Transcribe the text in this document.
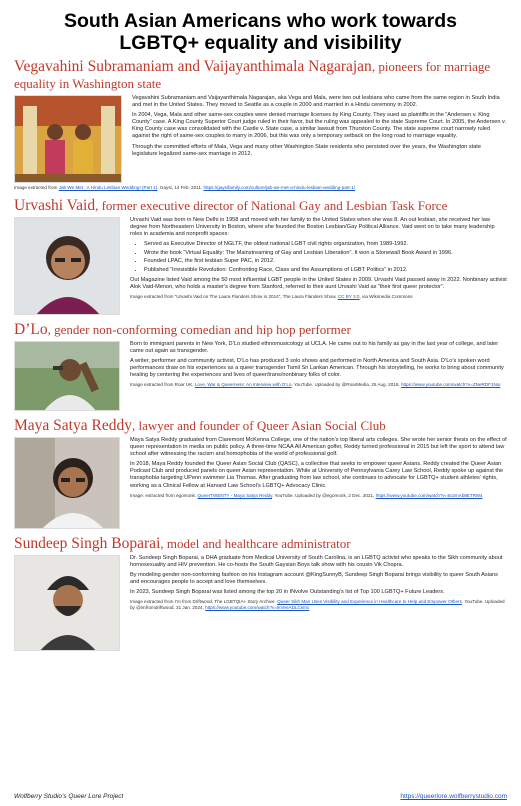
South Asian Americans who work towards
LGBTQ+ equality and visibility
Vegavahini Subramaniam and Vaijayanthimala Nagarajan, pioneers for marriage equality in Washington state

Vegavahini Subramaniam and Vaijayanthimala Nagarajan, aka Vega and Mala, were two out lesbians who came from the same region in South India and met in the United States. They moved to Seattle as a couple in 2000 and married in a Hindu ceremony in 2002.

In 2004, Vega, Mala and other same-sex couples were denied marriage licenses by King County. They sued as plaintiffs in the “Andersen v. King County” case. A King County Superior Court judge ruled in their favor, but the ruling was appealed to the state Supreme Court. In 2005, the Andersen v. King County case was consolidated with the Castle v. State case, a similar lawsuit from Thurston County. The state supreme court narrowly ruled against the right of same-sex couples to marry in 2006, but this was only a temporary setback on the long road to marriage equality.

Through the committed efforts of Mala, Vega and many other Washington State residents who persisted over the years, the Washington state legislature legalized same-sex marriage in 2012.

Image extracted from Jab We Met : A Hindu Lesbian Wedding! (Part 1). Gaysi, 14 Feb. 2011, https://gaysifamily.com/culture/jab-we-met-a-hindu-lesbian-wedding-part-1/
Urvashi Vaid, former executive director of National Gay and Lesbian Task Force

Urvashi Vaid was born in New Delhi in 1958 and moved with her family to the United States when she was 8. An out lesbian, she received her law degree from Northeastern University in Boston, where she founded the Boston Lesbian/Gay Political Alliance. Vaid went on to take many leadership roles in academia and nonprofit spaces:

• Served as Executive Director of NGLTF, the oldest national LGBT civil rights organization, from 1989-1992.
• Wrote the book “Virtual Equality: The Mainstreaming of Gay and Lesbian Liberation”. It won a Stonewall Book Award in 1996.
• Founded LPAC, the first lesbian Super PAC, in 2012.
• Published “Irresistible Revolution: Confronting Race, Class and the Assumptions of LGBT Politics” in 2012.

Out Magazine listed Vaid among the 50 most influential LGBT people in the United States in 2009. Urvashi Vaid passed away in 2022. Nonbinary activist Alok Vaid-Menon, who holds a master’s degree from Stanford, referred to their aunt Urvashi Vaid as “their first queer protector”.

Image extracted from “Urvashi Vaid on The Laura Flanders Show in 2014”, The Laura Flanders Show, CC BY 3.0, via Wikimedia Commons
D’Lo, gender non-conforming comedian and hip hop performer

Born to immigrant parents in New York, D’Lo studied ethnomusicology at UCLA. He came out to his family as gay in the last year of college, and later came out again as transgender.

A writer, performer and community activist, D’Lo has produced 3 solo shows and performed in North America and South Asia. D’Lo’s spoken word performances draw on his experiences as a queer transgender Tamil Sri Lankan American. Through his storytelling, he works to bring about community healing by centering the experiences and lives of queer/trans/nonbinary folks of color.

Image extracted from Roar UK. Love, War & Queerness: An Interview with D’Lo. YouTube. Uploaded by @RoarMedia, 25 Aug. 2018, https://www.youtube.com/watch?v=ZNeRDF1Noi
Maya Satya Reddy, lawyer and founder of Queer Asian Social Club

Maya Satya Reddy graduated from Claremont McKenna College, one of the nation’s top liberal arts colleges. She wrote her senior thesis on the effect of queer representation in media on public policy. A three-time NCAA All American golfer, Reddy turned professional in 2015 but left the sport to attend law school after witnessing the racism and homophobia of the world of professional golf.

In 2018, Maya Reddy founded the Queer Asian Social Club (QASC), a collective that seeks to empower queer Asians. Reddy created the Queer Asian Podcast Club and produced panels on queer Asian representation. While at University of Pennsylvania Carey Law School, Reddy spoke up against the transphobia targeting UPenn swimmer Lia Thomas. After graduating from law school, she continues to advocate for LGBTQ+ student athletes’ rights, working as a Clinical Fellow at Harvard Law School’s LGBTQ+ Advocacy Clinic.

Image: extracted from egomonk. QueerTWENTY - Maya Satya Reddy. YouTube. Uploaded by @egomonk, 2 Dec. 2021, https://www.youtube.com/watch?v=5ozmAb8ETRM4
Sundeep Singh Boparai, model and healthcare administrator

Dr. Sundeep Singh Boparai, a DHA graduate from Medical University of South Carolina, is an LGBTQ activist who speaks to the Sikh community about homosexuality and HIV prevention. He co-hosts the South Gaysian Boys talk show with his cousin Vik Chopra.

By modeling gender non-conforming fashion on his Instagram account @KingSunnyB, Sundeep Singh Boparai brings visibility to queer South Asians and encourages people to accept and love themselves.

In 2023, Sundeep Singh Boparai was listed among the top 20 in INvolve Outstanding’s list of Top 100 LGBTQ+ Future Leaders.

Image extracted from I’m from Driftwood, The LGBTQIA+ Story Archive. Queer Sikh Man Uses Visibility and Experience in Healthcare to Help and Empower Others. YouTube. Uploaded by @imfromdriftwood, 31 Jan. 2024, https://www.youtube.com/watch?v=IkVeeADLCsmc
Wolfberry Studio’s Queer Lore Project	https://queerlore.wolfberrystudio.com
